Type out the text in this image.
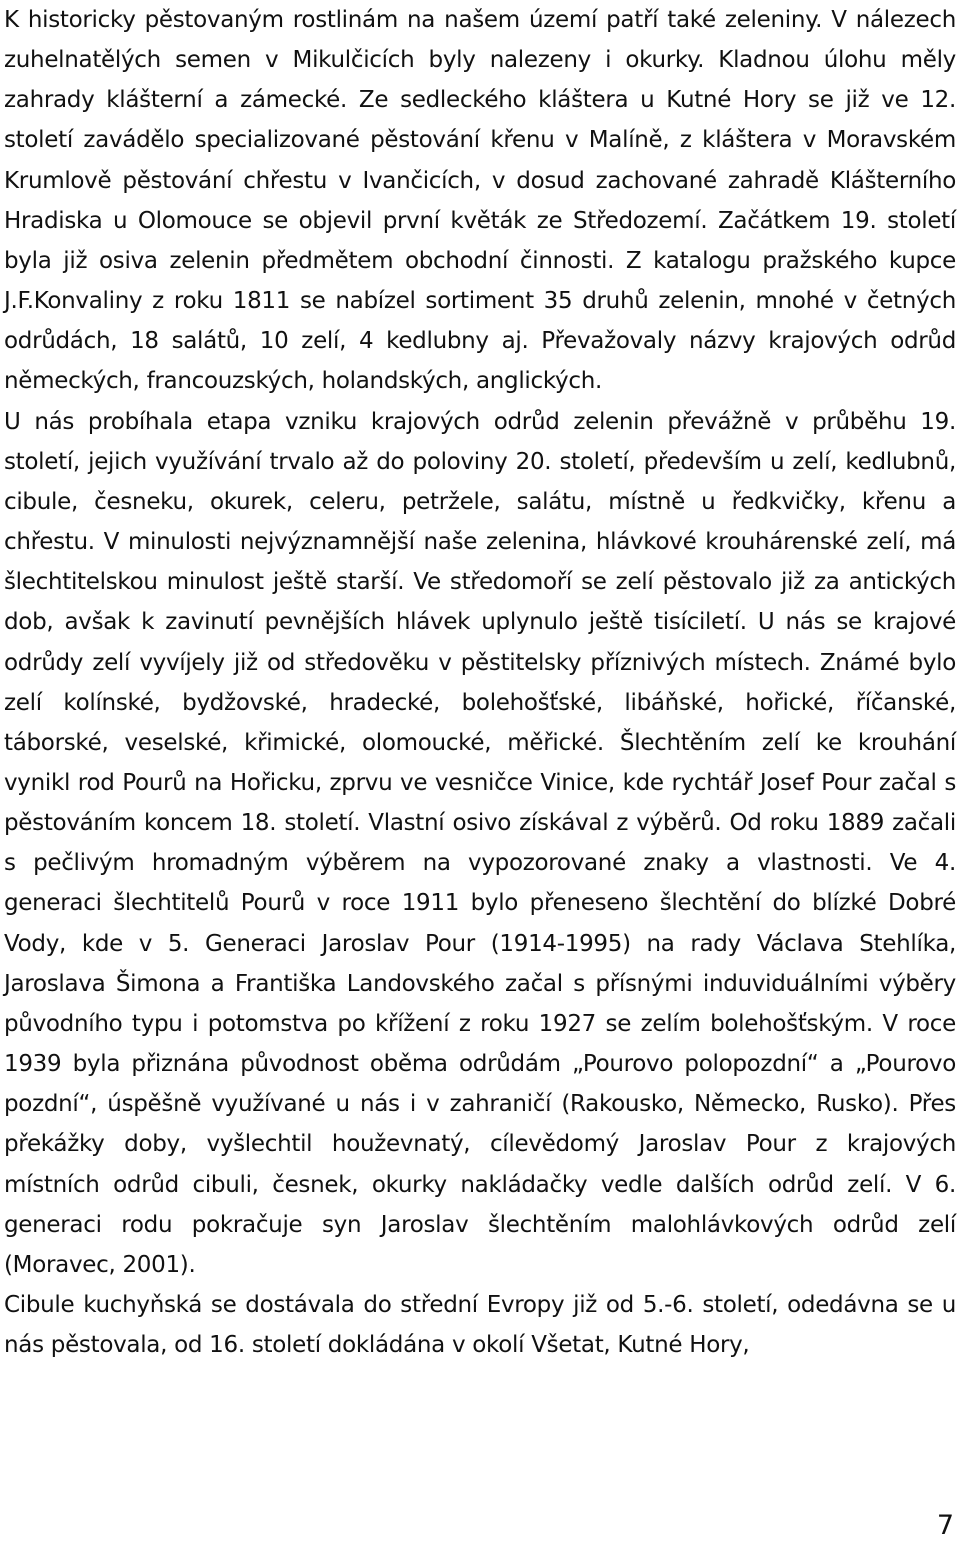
K historicky pěstovaným rostlinám na našem území patří také zeleniny. V nálezech zuhelnatělých semen v Mikulčicích byly nalezeny i okurky. Kladnou úlohu měly zahrady klášterní a zámecké. Ze sedleckého kláštera u Kutné Hory se již ve 12. století zavádělo specializované pěstování křenu v Malíně, z kláštera v Moravském Krumlově pěstování chřestu v Ivančicích, v dosud zachované zahradě Klášterního Hradiska u Olomouce se objevil první květák ze Středozemí. Začátkem 19. století byla již osiva zelenin předmětem obchodní činnosti. Z katalogu pražského kupce J.F.Konvaliny z roku 1811 se nabízel sortiment 35 druhů zelenin, mnohé v četných odrůdách, 18 salátů, 10 zelí, 4 kedlubny aj. Převažovaly názvy krajových odrůd německých, francouzských, holandských, anglických.

U nás probíhala etapa vzniku krajových odrůd zelenin převážně v průběhu 19. století, jejich využívání trvalo až do poloviny 20. století, především u zelí, kedlubnů, cibule, česneku, okurek, celeru, petržele, salátu, místně u ředkvičky, křenu a chřestu. V minulosti nejvýznamnější naše zelenina, hlávkové krouhárenské zelí, má šlechtitelskou minulost ještě starší. Ve středomoří se zelí pěstovalo již za antických dob, avšak k zavinutí pevnějších hlávek uplynulo ještě tisíciletí. U nás se krajové odrůdy zelí vyvíjely již od středověku v pěstitelsky příznivých místech. Známé bylo zelí kolínské, bydžovské, hradecké, bolehošťské, libáňské, hořické, říčanské, táborské, veselské, křimické, olomoucké, měřické. Šlechtěním zelí ke krouhání vynikl rod Pourů na Hořicku, zprvu ve vesničce Vinice, kde rychtář Josef Pour začal s pěstováním koncem 18. století. Vlastní osivo získával z výběrů. Od roku 1889 začali s pečlivým hromadným výběrem na vypozorované znaky a vlastnosti. Ve 4. generaci šlechtitelů Pourů v roce 1911 bylo přeneseno šlechtění do blízké Dobré Vody, kde v 5. Generaci Jaroslav Pour (1914-1995) na rady Václava Stehlíka, Jaroslava Šimona a Františka Landovského začal s přísnými induviduálními výběry původního typu i potomstva po křížení z roku 1927 se zelím bolehošťským. V roce 1939 byla přiznána původnost oběma odrůdám „Pourovo polopozdní“ a „Pourovo pozdní“, úspěšně využívané u nás i v zahraničí (Rakousko, Německo, Rusko). Přes překážky doby, vyšlechtil houževnatý, cílevědomý Jaroslav Pour z krajových místních odrůd cibuli, česnek, okurky nakládačky vedle dalších odrůd zelí. V 6. generaci rodu pokračuje syn Jaroslav šlechtěním malohlávkových odrůd zelí (Moravec, 2001).

Cibule kuchyňská se dostávala do střední Evropy již od 5.-6. století, odedávna se u nás pěstovala, od 16. století dokládána v okolí Všetat, Kutné Hory,

7
